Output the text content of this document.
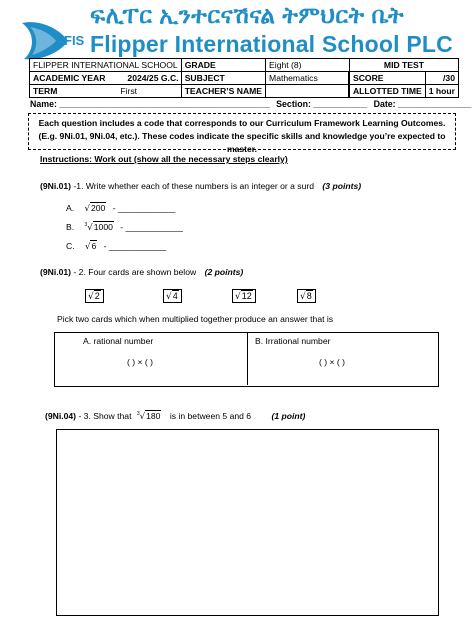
FIS
ፍሊፐር ኢንተርናሽናል ትምህርት ቤት
Flipper International School PLC
FLIPPER INTERNATIONAL SCHOOL	GRADE	Eight (8)	MID TEST	
ACADEMIC YEAR 2024/25 G.C.	SUBJECT	Mathematics		SCORE	/30
TERM First	TEACHER’S NAME			ALLOTTED TIME	1 hour
Name: ___________________________________________ Section: ___________ Date: _______________
Each question includes a code that corresponds to our Curriculum Framework Learning Outcomes.
(E.g. 9Ni.01, 9Ni.04, etc.). These codes indicate the specific skills and knowledge you’re expected to master.
Instructions: Work out (show all the necessary steps clearly)
(9Ni.01) -1. Write whether each of these numbers is an integer or a surd (3 points)
A. √200 - ____________
B. $^3$√1000 - ____________
C. √6 - ____________
(9Ni.01) - 2. Four cards are shown below (2 points)
√2	√4	√12	√8
Pick two cards which when multiplied together produce an answer that is
A. rational number	B. Irrational number
( ) × ( )	( ) × ( )
(9Ni.04) - 3. Show that $^3$√180 is in between 5 and 6 (1 point)
